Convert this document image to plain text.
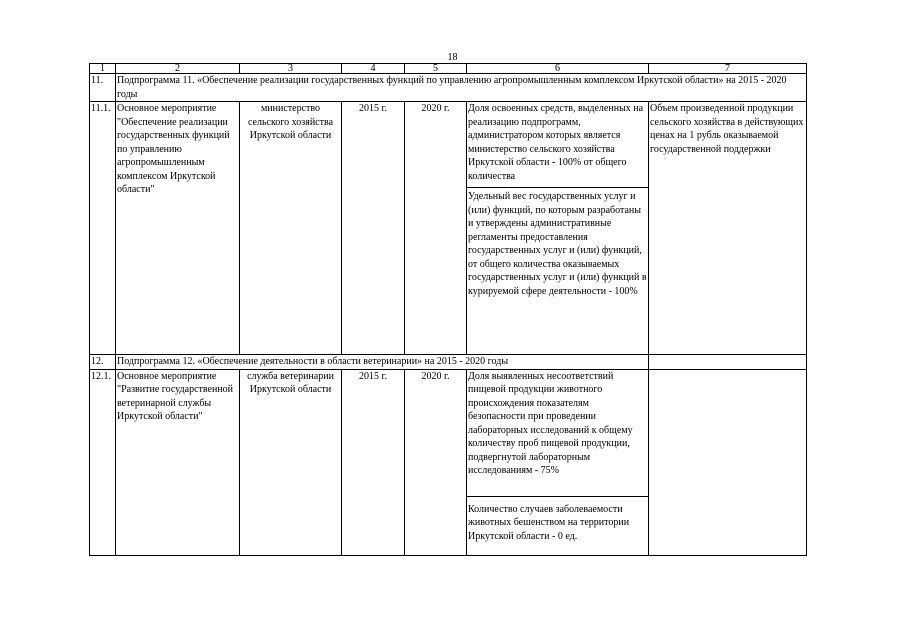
18
1	2	3	4	5	6	7
11.	Подпрограмма 11. «Обеспечение реализации государственных функций по управлению агропромышленным комплексом Иркутской области» на 2015 - 2020 годы					
11.1.	Основное мероприятие "Обеспечение реализации государственных функций по управлению агропромышленным комплексом Иркутской области"	министерство сельского хозяйства Иркутской области	2015 г.	2020 г.	Доля освоенных средств, выделенных на реализацию подпрограмм, администратором которых является министерство сельского хозяйства Иркутской области - 100% от общего количества
Удельный вес государственных услуг и (или) функций, по которым разработаны и утверждены административные регламенты предоставления государственных услуг и (или) функций, от общего количества оказываемых государственных услуг и (или) функций в курируемой сфере деятельности - 100%	Объем произведенной продукции сельского хозяйства в действующих ценах на 1 рубль оказываемой государственной поддержки
12.	Подпрограмма 12. «Обеспечение деятельности в области ветеринарии» на 2015 - 2020 годы					
12.1.	Основное мероприятие "Развитие государственной ветеринарной службы Иркутской области"	служба ветеринарии Иркутской области	2015 г.	2020 г.	Доля выявленных несоответствий пищевой продукции животного происхождения показателям безопасности при проведении лабораторных исследований к общему количеству проб пищевой продукции, подвергнутой лабораторным исследованиям - 75%
Количество случаев заболеваемости животных бешенством на территории Иркутской области - 0 ед.	
